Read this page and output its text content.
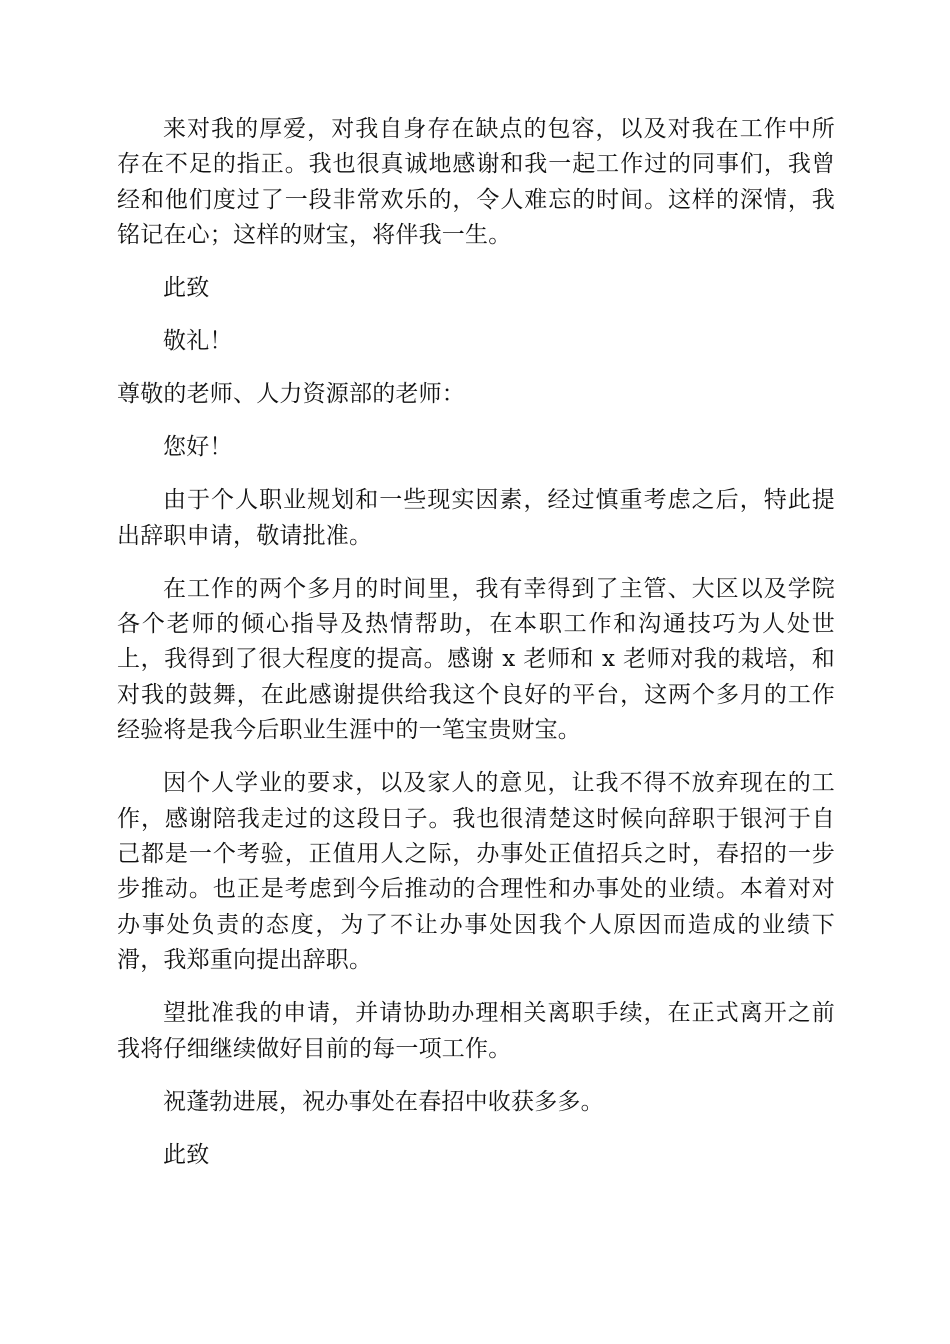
来对我的厚爱，对我自身存在缺点的包容，以及对我在工作中所存在不足的指正。我也很真诚地感谢和我一起工作过的同事们，我曾经和他们度过了一段非常欢乐的，令人难忘的时间。这样的深情，我铭记在心；这样的财宝，将伴我一生。

此致

敬礼！

尊敬的老师、人力资源部的老师：

您好！

由于个人职业规划和一些现实因素，经过慎重考虑之后，特此提出辞职申请，敬请批准。

在工作的两个多月的时间里，我有幸得到了主管、大区以及学院各个老师的倾心指导及热情帮助，在本职工作和沟通技巧为人处世上，我得到了很大程度的提高。感谢 x 老师和 x 老师对我的栽培，和对我的鼓舞，在此感谢提供给我这个良好的平台，这两个多月的工作经验将是我今后职业生涯中的一笔宝贵财宝。

因个人学业的要求，以及家人的意见，让我不得不放弃现在的工作，感谢陪我走过的这段日子。我也很清楚这时候向辞职于银河于自己都是一个考验，正值用人之际，办事处正值招兵之时，春招的一步步推动。也正是考虑到今后推动的合理性和办事处的业绩。本着对对办事处负责的态度，为了不让办事处因我个人原因而造成的业绩下滑，我郑重向提出辞职。

望批准我的申请，并请协助办理相关离职手续，在正式离开之前我将仔细继续做好目前的每一项工作。

祝蓬勃进展，祝办事处在春招中收获多多。

此致
